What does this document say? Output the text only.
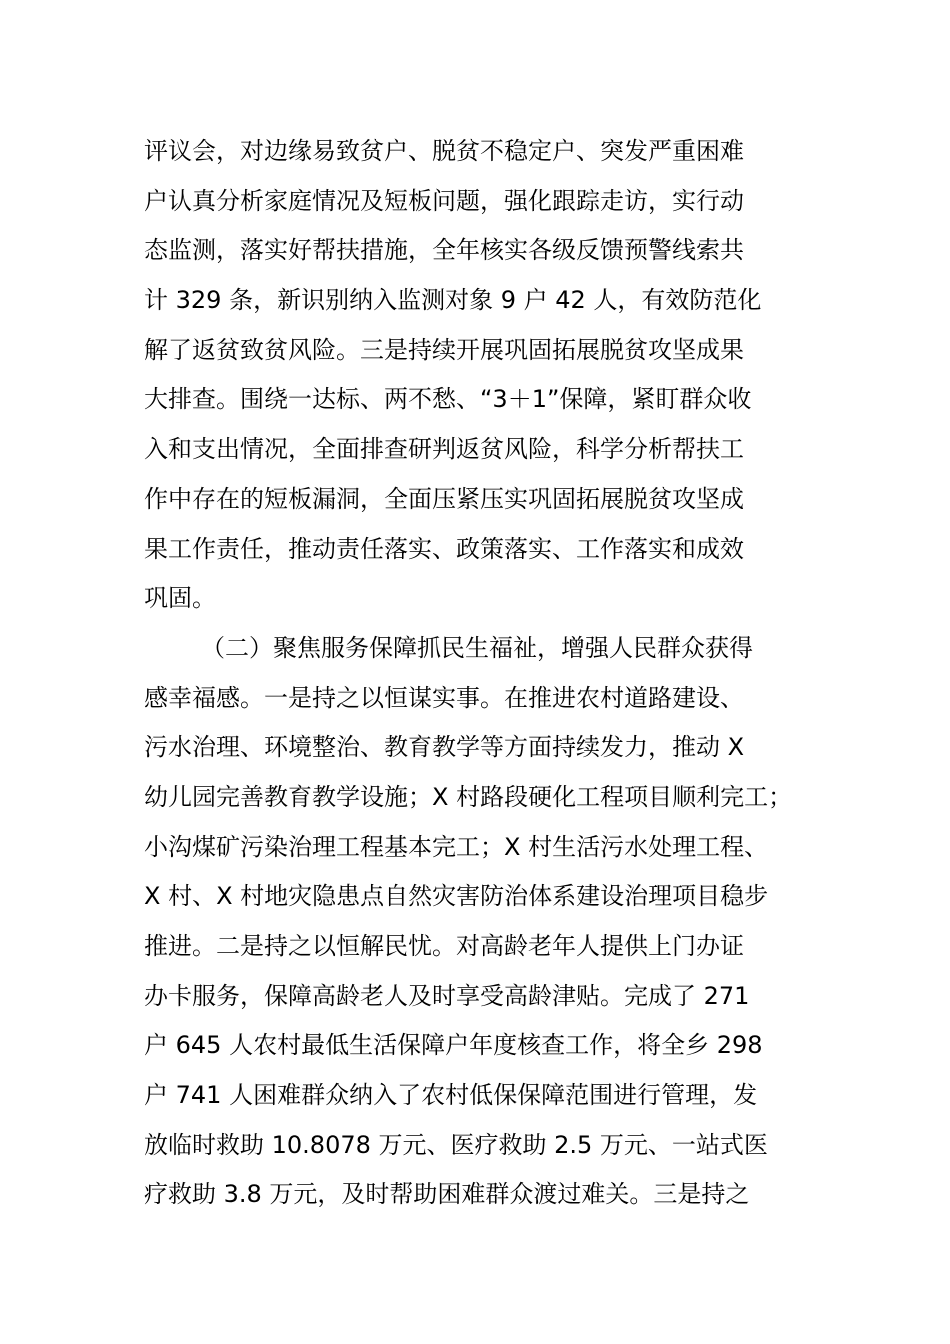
评议会，对边缘易致贫户、脱贫不稳定户、突发严重困难
户认真分析家庭情况及短板问题，强化跟踪走访，实行动
态监测，落实好帮扶措施，全年核实各级反馈预警线索共
计 329 条，新识别纳入监测对象 9 户 42 人，有效防范化
解了返贫致贫风险。三是持续开展巩固拓展脱贫攻坚成果
大排查。围绕一达标、两不愁、“3＋1”保障，紧盯群众收
入和支出情况，全面排查研判返贫风险，科学分析帮扶工
作中存在的短板漏洞，全面压紧压实巩固拓展脱贫攻坚成
果工作责任，推动责任落实、政策落实、工作落实和成效
巩固。
（二）聚焦服务保障抓民生福祉，增强人民群众获得
感幸福感。一是持之以恒谋实事。在推进农村道路建设、
污水治理、环境整治、教育教学等方面持续发力，推动 X
幼儿园完善教育教学设施；X 村路段硬化工程项目顺利完工；
小沟煤矿污染治理工程基本完工；X 村生活污水处理工程、
X 村、X 村地灾隐患点自然灾害防治体系建设治理项目稳步
推进。二是持之以恒解民忧。对高龄老年人提供上门办证
办卡服务，保障高龄老人及时享受高龄津贴。完成了 271
户 645 人农村最低生活保障户年度核查工作，将全乡 298
户 741 人困难群众纳入了农村低保保障范围进行管理，发
放临时救助 10.8078 万元、医疗救助 2.5 万元、一站式医
疗救助 3.8 万元，及时帮助困难群众渡过难关。三是持之
